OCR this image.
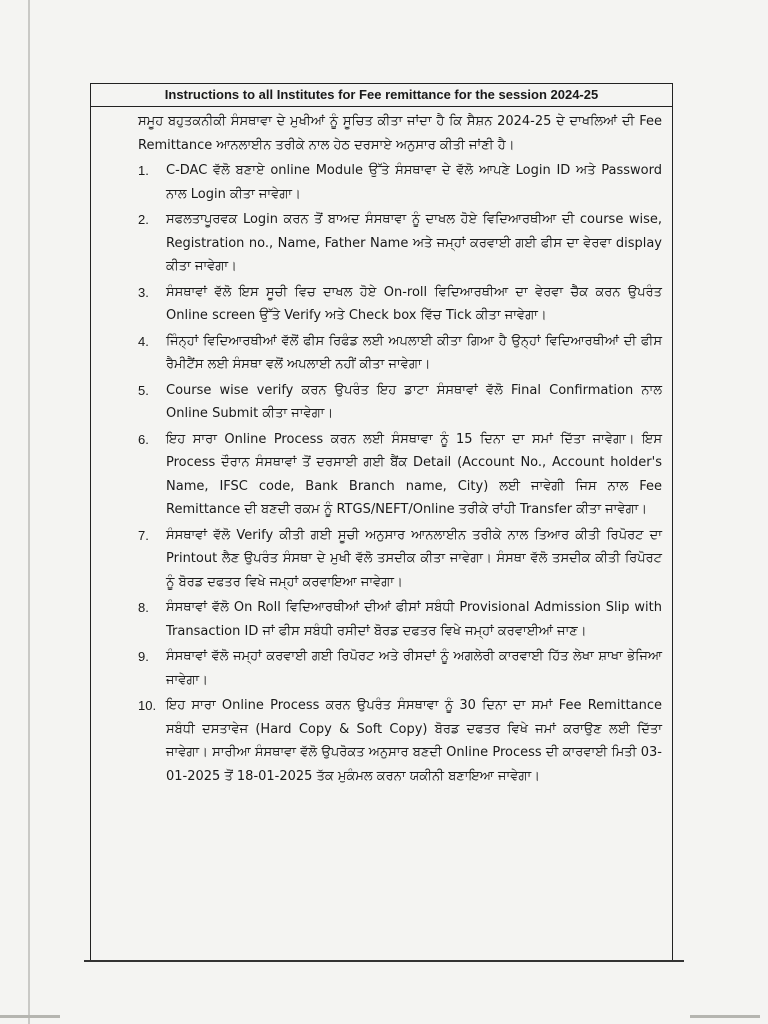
Instructions to all Institutes for Fee remittance for the session 2024-25

ਸਮੂਹ ਬਹੁਤਕਨੀਕੀ ਸੰਸਥਾਵਾ ਦੇ ਮੁਖੀਆਂ ਨੂੰ ਸੂਚਿਤ ਕੀਤਾ ਜਾਂਦਾ ਹੈ ਕਿ ਸੈਸ਼ਨ 2024-25 ਦੇ ਦਾਖਲਿਆਂ ਦੀ Fee Remittance ਆਨਲਾਈਨ ਤਰੀਕੇ ਨਾਲ ਹੇਠ ਦਰਸਾਏ ਅਨੁਸਾਰ ਕੀਤੀ ਜਾਂਣੀ ਹੈ।

1. C-DAC ਵੱਲੋ ਬਣਾਏ online Module ਉੱਤੇ ਸੰਸਥਾਵਾ ਦੇ ਵੱਲੋ ਆਪਣੇ Login ID ਅਤੇ Password ਨਾਲ Login ਕੀਤਾ ਜਾਵੇਗਾ।
2. ਸਫਲਤਾਪੂਰਵਕ Login ਕਰਨ ਤੋਂ ਬਾਅਦ ਸੰਸਥਾਵਾ ਨੂੰ ਦਾਖਲ ਹੋਏ ਵਿਦਿਆਰਥੀਆ ਦੀ course wise, Registration no., Name, Father Name ਅਤੇ ਜਮ੍ਹਾਂ ਕਰਵਾਈ ਗਈ ਫੀਸ ਦਾ ਵੇਰਵਾ display ਕੀਤਾ ਜਾਵੇਗਾ।
3. ਸੰਸਥਾਵਾਂ ਵੱਲੋ ਇਸ ਸੂਚੀ ਵਿਚ ਦਾਖਲ ਹੋਏ On-roll ਵਿਦਿਆਰਥੀਆ ਦਾ ਵੇਰਵਾ ਚੈੱਕ ਕਰਨ ਉਪਰੰਤ Online screen ਉੱਤੇ Verify ਅਤੇ Check box ਵਿੱਚ Tick ਕੀਤਾ ਜਾਵੇਗਾ।
4. ਜਿੰਨ੍ਹਾਂ ਵਿਦਿਆਰਥੀਆਂ ਵੱਲੋਂ ਫੀਸ ਰਿਫੰਡ ਲਈ ਅਪਲਾਈ ਕੀਤਾ ਗਿਆ ਹੈ ਉਨ੍ਹਾਂ ਵਿਦਿਆਰਥੀਆਂ ਦੀ ਫੀਸ ਰੈਮੀਟੈਂਸ ਲਈ ਸੰਸਥਾ ਵਲੋਂ ਅਪਲਾਈ ਨਹੀਂ ਕੀਤਾ ਜਾਵੇਗਾ।
5. Course wise verify ਕਰਨ ਉਪਰੰਤ ਇਹ ਡਾਟਾ ਸੰਸਥਾਵਾਂ ਵੱਲੋ Final Confirmation ਨਾਲ Online Submit ਕੀਤਾ ਜਾਵੇਗਾ।
6. ਇਹ ਸਾਰਾ Online Process ਕਰਨ ਲਈ ਸੰਸਥਾਵਾ ਨੂੰ 15 ਦਿਨਾ ਦਾ ਸਮਾਂ ਦਿੱਤਾ ਜਾਵੇਗਾ। ਇਸ Process ਦੌਰਾਨ ਸੰਸਥਾਵਾਂ ਤੋਂ ਦਰਸਾਈ ਗਈ ਬੈਂਕ Detail (Account No., Account holder's Name, IFSC code, Bank Branch name, City) ਲਈ ਜਾਵੇਗੀ ਜਿਸ ਨਾਲ Fee Remittance ਦੀ ਬਣਦੀ ਰਕਮ ਨੂੰ RTGS/NEFT/Online ਤਰੀਕੇ ਰਾਂਹੀ Transfer ਕੀਤਾ ਜਾਵੇਗਾ।
7. ਸੰਸਥਾਵਾਂ ਵੱਲੋ Verify ਕੀਤੀ ਗਈ ਸੂਚੀ ਅਨੁਸਾਰ ਆਨਲਾਈਨ ਤਰੀਕੇ ਨਾਲ ਤਿਆਰ ਕੀਤੀ ਰਿਪੋਰਟ ਦਾ Printout ਲੈਣ ਉਪਰੰਤ ਸੰਸਥਾ ਦੇ ਮੁਖੀ ਵੱਲੋ ਤਸਦੀਕ ਕੀਤਾ ਜਾਵੇਗਾ। ਸੰਸਥਾ ਵੱਲੋ ਤਸਦੀਕ ਕੀਤੀ ਰਿਪੋਰਟ ਨੂੰ ਬੋਰਡ ਦਫਤਰ ਵਿਖੇ ਜਮ੍ਹਾਂ ਕਰਵਾਇਆ ਜਾਵੇਗਾ।
8. ਸੰਸਥਾਵਾਂ ਵੱਲੋ On Roll ਵਿਦਿਆਰਥੀਆਂ ਦੀਆਂ ਫੀਸਾਂ ਸਬੰਧੀ Provisional Admission Slip with Transaction ID ਜਾਂ ਫੀਸ ਸਬੰਧੀ ਰਸੀਦਾਂ ਬੋਰਡ ਦਫਤਰ ਵਿਖੇ ਜਮ੍ਹਾਂ ਕਰਵਾਈਆਂ ਜਾਣ।
9. ਸੰਸਥਾਵਾਂ ਵੱਲੋ ਜਮ੍ਹਾਂ ਕਰਵਾਈ ਗਈ ਰਿਪੋਰਟ ਅਤੇ ਰੀਸਦਾਂ ਨੂੰ ਅਗਲੇਰੀ ਕਾਰਵਾਈ ਹਿੱਤ ਲੇਖਾ ਸ਼ਾਖਾ ਭੇਜਿਆ ਜਾਵੇਗਾ।
10. ਇਹ ਸਾਰਾ Online Process ਕਰਨ ਉਪਰੰਤ ਸੰਸਥਾਵਾ ਨੂੰ 30 ਦਿਨਾ ਦਾ ਸਮਾਂ Fee Remittance ਸਬੰਧੀ ਦਸਤਾਵੇਜ (Hard Copy & Soft Copy) ਬੋਰਡ ਦਫਤਰ ਵਿਖੇ ਜਮਾਂ ਕਰਾਉਣ ਲਈ ਦਿੱਤਾ ਜਾਵੇਗਾ। ਸਾਰੀਆ ਸੰਸਥਾਵਾ ਵੱਲੋ ਉਪਰੋਕਤ ਅਨੁਸਾਰ ਬਣਦੀ Online Process ਦੀ ਕਾਰਵਾਈ ਮਿਤੀ 03-01-2025 ਤੋਂ 18-01-2025 ਤੱਕ ਮੁਕੰਮਲ ਕਰਨਾ ਯਕੀਨੀ ਬਣਾਇਆ ਜਾਵੇਗਾ।
